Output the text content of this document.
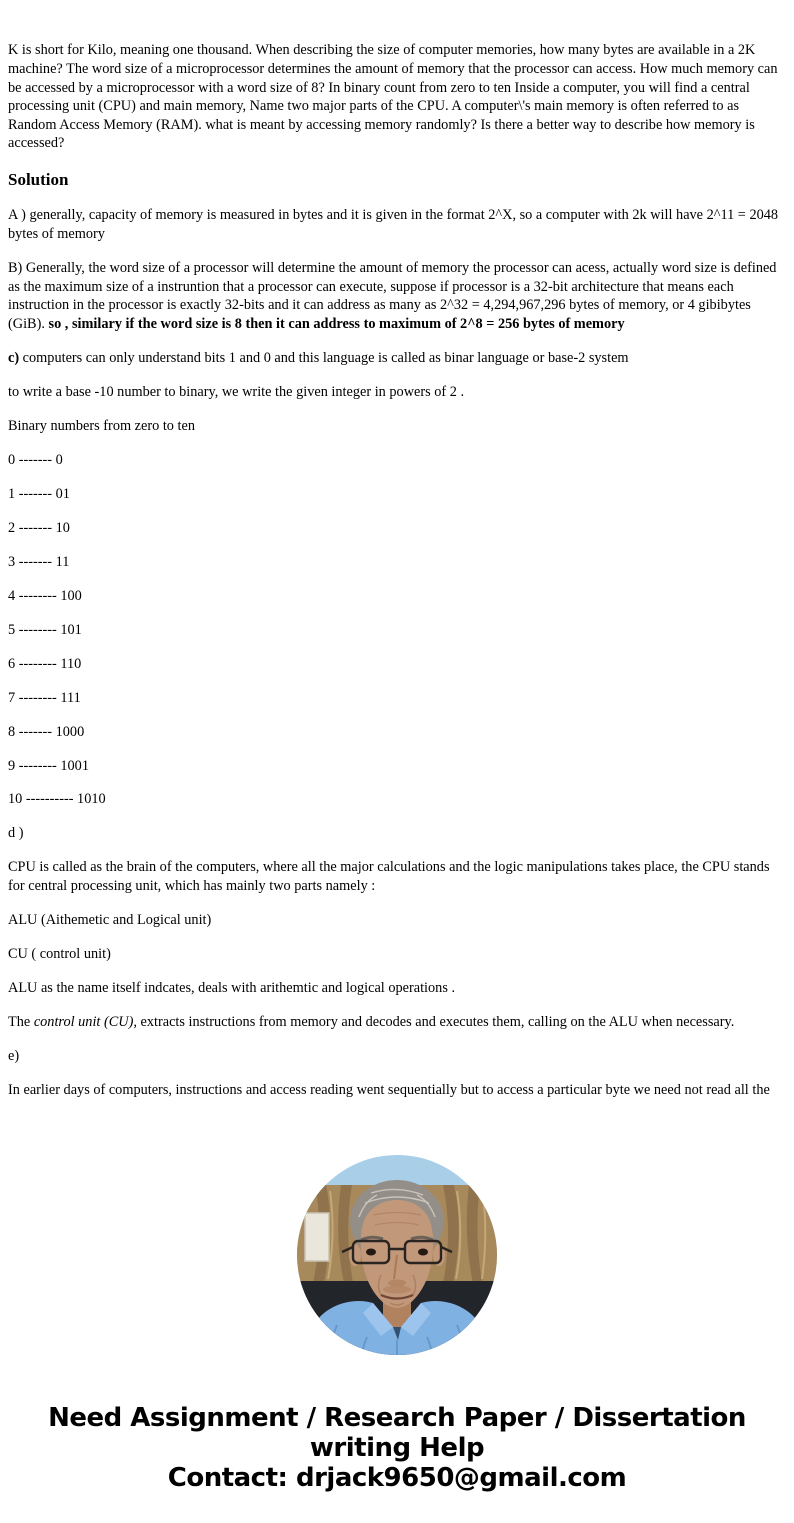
K is short for Kilo, meaning one thousand. When describing the size of computer memories, how many bytes are available in a 2K machine? The word size of a microprocessor determines the amount of memory that the processor can access. How much memory can be accessed by a microprocessor with a word size of 8? In binary count from zero to ten Inside a computer, you will find a central processing unit (CPU) and main memory, Name two major parts of the CPU. A computer\'s main memory is often referred to as Random Access Memory (RAM). what is meant by accessing memory randomly? Is there a better way to describe how memory is accessed?

Solution

A ) generally, capacity of memory is measured in bytes and it is given in the format 2^X, so a computer with 2k will have 2^11 = 2048 bytes of memory

B) Generally, the word size of a processor will determine the amount of memory the processor can acess, actually word size is defined as the maximum size of a instruntion that a processor can execute, suppose if processor is a 32-bit architecture that means each instruction in the processor is exactly 32-bits and it can address as many as 2^32 = 4,294,967,296 bytes of memory, or 4 gibibytes (GiB). so , similary if the word size is 8 then it can address to maximum of 2^8 = 256 bytes of memory

c) computers can only understand bits 1 and 0 and this language is called as binar language or base-2 system

to write a base -10 number to binary, we write the given integer in powers of 2 .

Binary numbers from zero to ten

0 ------- 0

1 ------- 01

2 ------- 10

3 ------- 11

4 -------- 100

5 -------- 101

6 -------- 110

7 -------- 111

8 ------- 1000

9 -------- 1001

10 ---------- 1010

d )

CPU is called as the brain of the computers, where all the major calculations and the logic manipulations takes place, the CPU stands for central processing unit, which has mainly two parts namely :

ALU (Aithemetic and Logical unit)

CU ( control unit)

ALU as the name itself indcates, deals with arithemtic and logical operations .

The control unit (CU), extracts instructions from memory and decodes and executes them, calling on the ALU when necessary.

e)

In earlier days of computers, instructions and access reading went sequentially but to access a particular byte we need not read all the

Need Assignment / Research Paper / Dissertation writing Help
Contact: drjack9650@gmail.com
